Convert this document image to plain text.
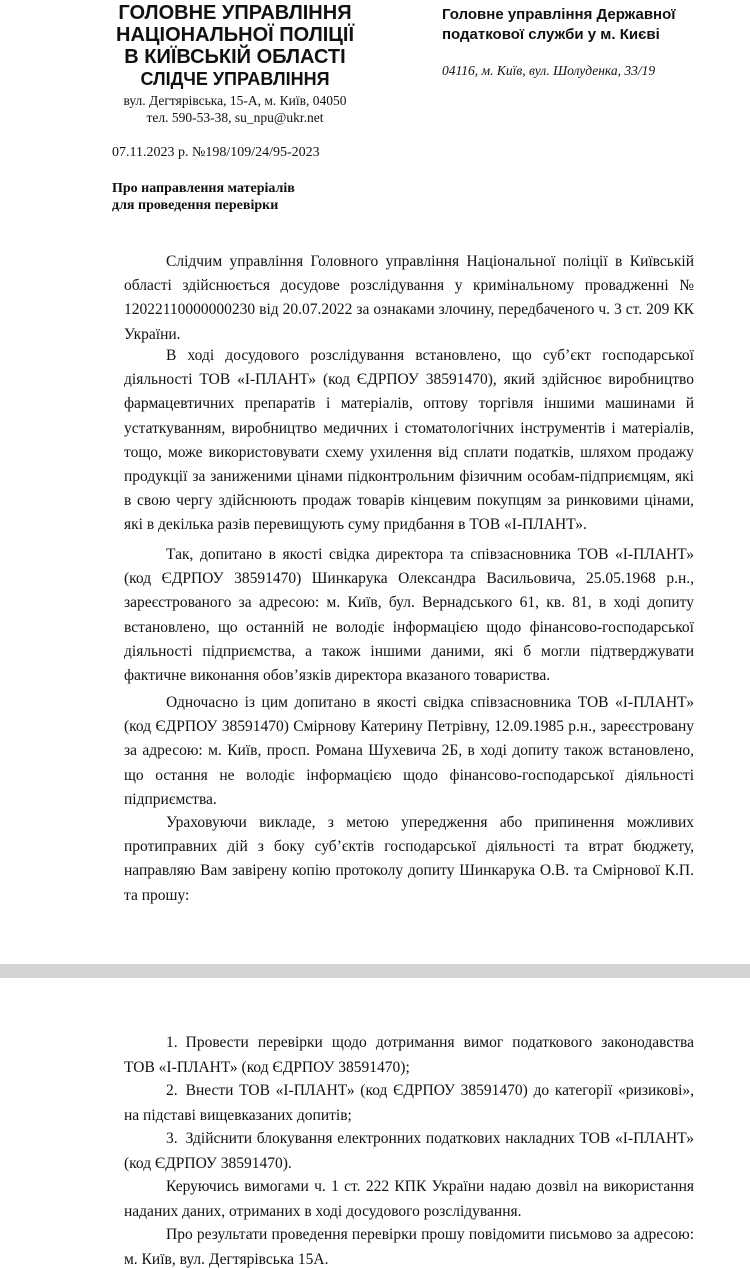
ГОЛОВНЕ УПРАВЛІННЯ
НАЦІОНАЛЬНОЇ ПОЛІЦІЇ
В КИЇВСЬКІЙ ОБЛАСТІ
СЛІДЧЕ УПРАВЛІННЯ
вул. Дегтярівська, 15-А, м. Київ, 04050
тел. 590-53-38, su_npu@ukr.net
Головне управління Державної
податкової служби у м. Києві
04116, м. Київ, вул. Шолуденка, 33/19
07.11.2023 р. №198/109/24/95-2023
Про направлення матеріалів
для проведення перевірки

Слідчим управління Головного управління Національної поліції в Київській області здійснюється досудове розслідування у кримінальному провадженні № 12022110000000230 від 20.07.2022 за ознаками злочину, передбаченого ч. 3 ст. 209 КК України.

В ході досудового розслідування встановлено, що суб’єкт господарської діяльності ТОВ «І-ПЛАНТ» (код ЄДРПОУ 38591470), який здійснює виробництво фармацевтичних препаратів і матеріалів, оптову торгівля іншими машинами й устаткуванням, виробництво медичних і стоматологічних інструментів і матеріалів, тощо, може використовувати схему ухилення від сплати податків, шляхом продажу продукції за заниженими цінами підконтрольним фізичним особам-підприємцям, які в свою чергу здійснюють продаж товарів кінцевим покупцям за ринковими цінами, які в декілька разів перевищують суму придбання в ТОВ «І-ПЛАНТ».

Так, допитано в якості свідка директора та співзасновника ТОВ «І-ПЛАНТ» (код ЄДРПОУ 38591470) Шинкарука Олександра Васильовича, 25.05.1968 р.н., зареєстрованого за адресою: м. Київ, бул. Вернадського 61, кв. 81, в ході допиту встановлено, що останній не володіє інформацією щодо фінансово-господарської діяльності підприємства, а також іншими даними, які б могли підтверджувати фактичне виконання обов’язків директора вказаного товариства.

Одночасно із цим допитано в якості свідка співзасновника ТОВ «І-ПЛАНТ» (код ЄДРПОУ 38591470) Смірнову Катерину Петрівну, 12.09.1985 р.н., зареєстровану за адресою: м. Київ, просп. Романа Шухевича 2Б, в ході допиту також встановлено, що остання не володіє інформацією щодо фінансово-господарської діяльності підприємства.

Ураховуючи викладе, з метою упередження або припинення можливих протиправних дій з боку суб’єктів господарської діяльності та втрат бюджету, направляю Вам завірену копію протоколу допиту Шинкарука О.В. та Смірнової К.П. та прошу:

1. Провести перевірки щодо дотримання вимог податкового законодавства ТОВ «І-ПЛАНТ» (код ЄДРПОУ 38591470);

2. Внести ТОВ «І-ПЛАНТ» (код ЄДРПОУ 38591470) до категорії «ризикові», на підставі вищевказаних допитів;

3. Здійснити блокування електронних податкових накладних ТОВ «І-ПЛАНТ» (код ЄДРПОУ 38591470).

Керуючись вимогами ч. 1 ст. 222 КПК України надаю дозвіл на використання наданих даних, отриманих в ході досудового розслідування.

Про результати проведення перевірки прошу повідомити письмово за адресою: м. Київ, вул. Дегтярівська 15А.
